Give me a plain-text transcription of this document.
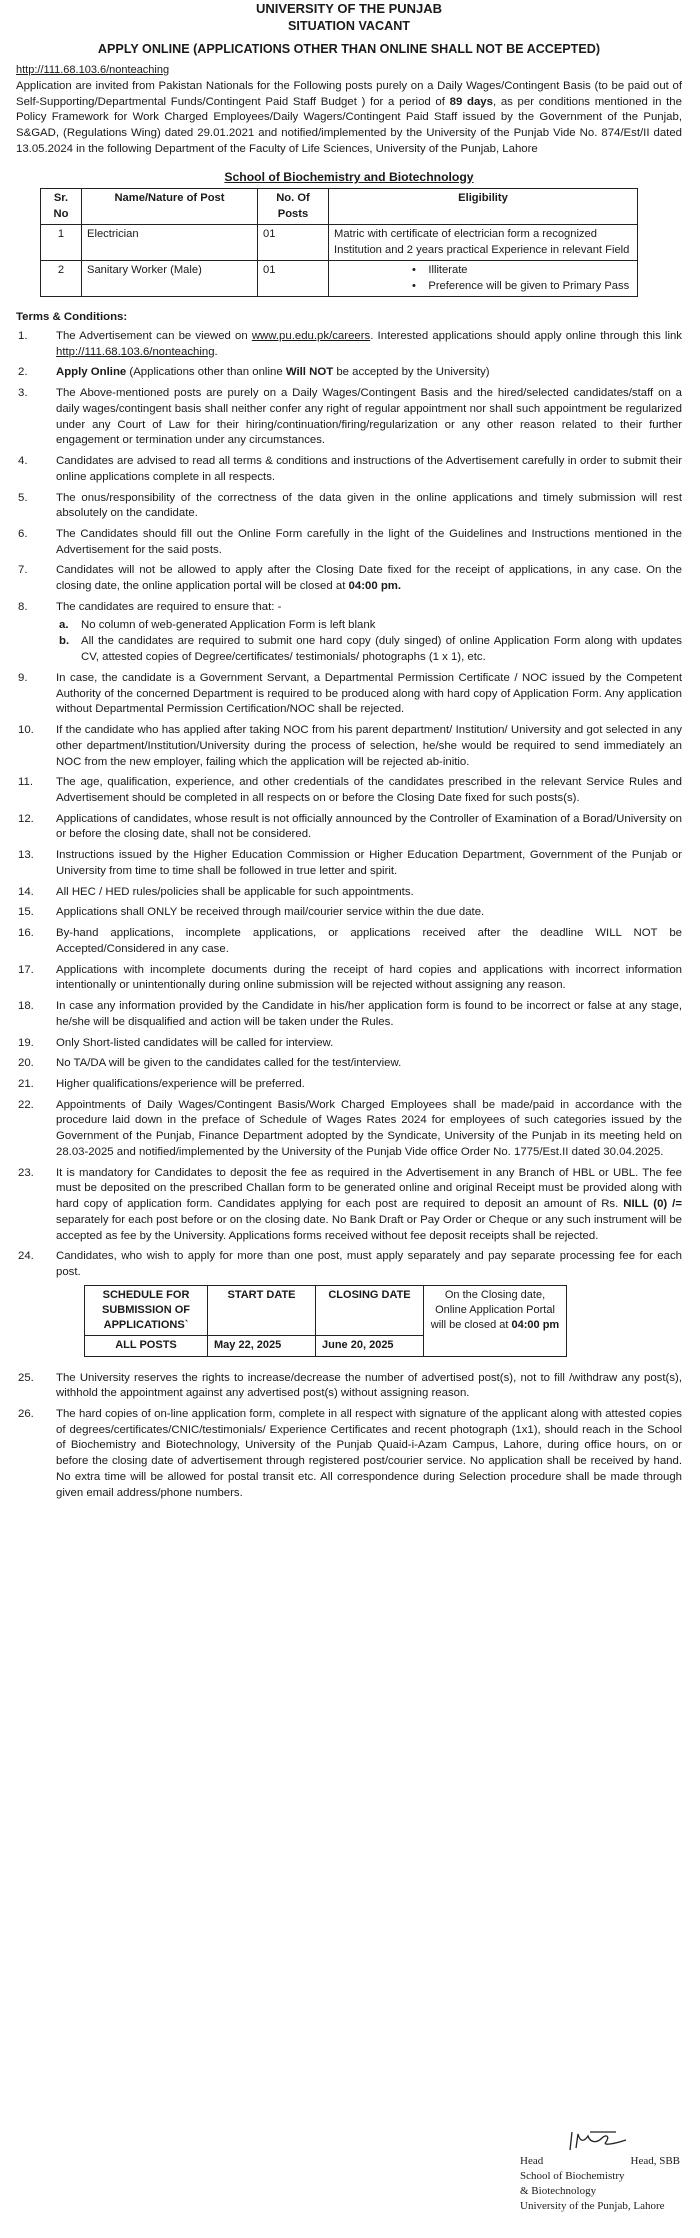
UNIVERSITY OF THE PUNJAB
SITUATION VACANT
APPLY ONLINE (APPLICATIONS OTHER THAN ONLINE SHALL NOT BE ACCEPTED)
http://111.68.103.6/nonteaching

Application are invited from Pakistan Nationals for the Following posts purely on a Daily Wages/Contingent Basis (to be paid out of Self-Supporting/Departmental Funds/Contingent Paid Staff Budget ) for a period of 89 days, as per conditions mentioned in the Policy Framework for Work Charged Employees/Daily Wagers/Contingent Paid Staff issued by the Government of the Punjab, S&GAD, (Regulations Wing) dated 29.01.2021 and notified/implemented by the University of the Punjab Vide No. 874/Est/II dated 13.05.2024 in the following Department of the Faculty of Life Sciences, University of the Punjab, Lahore

School of Biochemistry and Biotechnology
Sr. No	Name/Nature of Post	No. Of Posts	Eligibility
1	Electrician	01	Matric with certificate of electrician form a recognized Institution and 2 years practical Experience in relevant Field
2	Sanitary Worker (Male)	01	•    Illiterate
•    Preference will be given to Primary Pass
Terms & Conditions:
1.	The Advertisement can be viewed on www.pu.edu.pk/careers. Interested applications should apply online through this link http://111.68.103.6/nonteaching.
2.	Apply Online (Applications other than online Will NOT be accepted by the University)
3.	The Above-mentioned posts are purely on a Daily Wages/Contingent Basis and the hired/selected candidates/staff on a daily wages/contingent basis shall neither confer any right of regular appointment nor shall such appointment be regularized under any Court of Law for their hiring/continuation/firing/regularization or any other reason related to their further engagement or termination under any circumstances.
4.	Candidates are advised to read all terms & conditions and instructions of the Advertisement carefully in order to submit their online applications complete in all respects.
5.	The onus/responsibility of the correctness of the data given in the online applications and timely submission will rest absolutely on the candidate.
6.	The Candidates should fill out the Online Form carefully in the light of the Guidelines and Instructions mentioned in the Advertisement for the said posts.
7.	Candidates will not be allowed to apply after the Closing Date fixed for the receipt of applications, in any case. On the closing date, the online application portal will be closed at 04:00 pm.
8.	The candidates are required to ensure that: -
a. No column of web-generated Application Form is left blank
b. All the candidates are required to submit one hard copy (duly singed) of online Application Form along with updates CV, attested copies of Degree/certificates/ testimonials/ photographs (1 x 1), etc.
9.	In case, the candidate is a Government Servant, a Departmental Permission Certificate / NOC issued by the Competent Authority of the concerned Department is required to be produced along with hard copy of Application Form. Any application without Departmental Permission Certification/NOC shall be rejected.
10. If the candidate who has applied after taking NOC from his parent department/ Institution/ University and got selected in any other department/Institution/University during the process of selection, he/she would be required to send immediately an NOC from the new employer, failing which the application will be rejected ab-initio.
11. The age, qualification, experience, and other credentials of the candidates prescribed in the relevant Service Rules and Advertisement should be completed in all respects on or before the Closing Date fixed for such posts(s).
12. Applications of candidates, whose result is not officially announced by the Controller of Examination of a Borad/University on or before the closing date, shall not be considered.
13. Instructions issued by the Higher Education Commission or Higher Education Department, Government of the Punjab or University from time to time shall be followed in true letter and spirit.
14. All HEC / HED rules/policies shall be applicable for such appointments.
15. Applications shall ONLY be received through mail/courier service within the due date.
16. By-hand applications, incomplete applications, or applications received after the deadline WILL NOT be Accepted/Considered in any case.
17. Applications with incomplete documents during the receipt of hard copies and applications with incorrect information intentionally or unintentionally during online submission will be rejected without assigning any reason.
18. In case any information provided by the Candidate in his/her application form is found to be incorrect or false at any stage, he/she will be disqualified and action will be taken under the Rules.
19. Only Short-listed candidates will be called for interview.
20. No TA/DA will be given to the candidates called for the test/interview.
21. Higher qualifications/experience will be preferred.
22. Appointments of Daily Wages/Contingent Basis/Work Charged Employees shall be made/paid in accordance with the procedure laid down in the preface of Schedule of Wages Rates 2024 for employees of such categories issued by the Government of the Punjab, Finance Department adopted by the Syndicate, University of the Punjab in its meeting held on 28.03-2025 and notified/implemented by the University of the Punjab Vide office Order No. 1775/Est.II dated 30.04.2025.
23. It is mandatory for Candidates to deposit the fee as required in the Advertisement in any Branch of HBL or UBL. The fee must be deposited on the prescribed Challan form to be generated online and original Receipt must be provided along with hard copy of application form. Candidates applying for each post are required to deposit an amount of Rs. NILL (0) /= separately for each post before or on the closing date. No Bank Draft or Pay Order or Cheque or any such instrument will be accepted as fee by the University. Applications forms received without fee deposit receipts shall be rejected.
24. Candidates, who wish to apply for more than one post, must apply separately and pay separate processing fee for each post.
SCHEDULE FOR SUBMISSION OF APPLICATIONS`	START DATE	CLOSING DATE	On the Closing date, Online Application Portal will be closed at 04:00 pm
ALL POSTS	May 22, 2025	June 20, 2025	
25. The University reserves the rights to increase/decrease the number of advertised post(s), not to fill /withdraw any post(s), withhold the appointment against any advertised post(s) without assigning reason.
26. The hard copies of on-line application form, complete in all respect with signature of the applicant along with attested copies of degrees/certificates/CNIC/testimonials/ Experience Certificates and recent photograph (1x1), should reach in the School of Biochemistry and Biotechnology, University of the Punjab Quaid-i-Azam Campus, Lahore, during office hours, on or before the closing date of advertisement through registered post/courier service. No application shall be received by hand. No extra time will be allowed for postal transit etc. All correspondence during Selection procedure shall be made through given email address/phone numbers.
Head	Head, SBB
School of Biochemistry
& Biotechnology
University of the Punjab, Lahore
